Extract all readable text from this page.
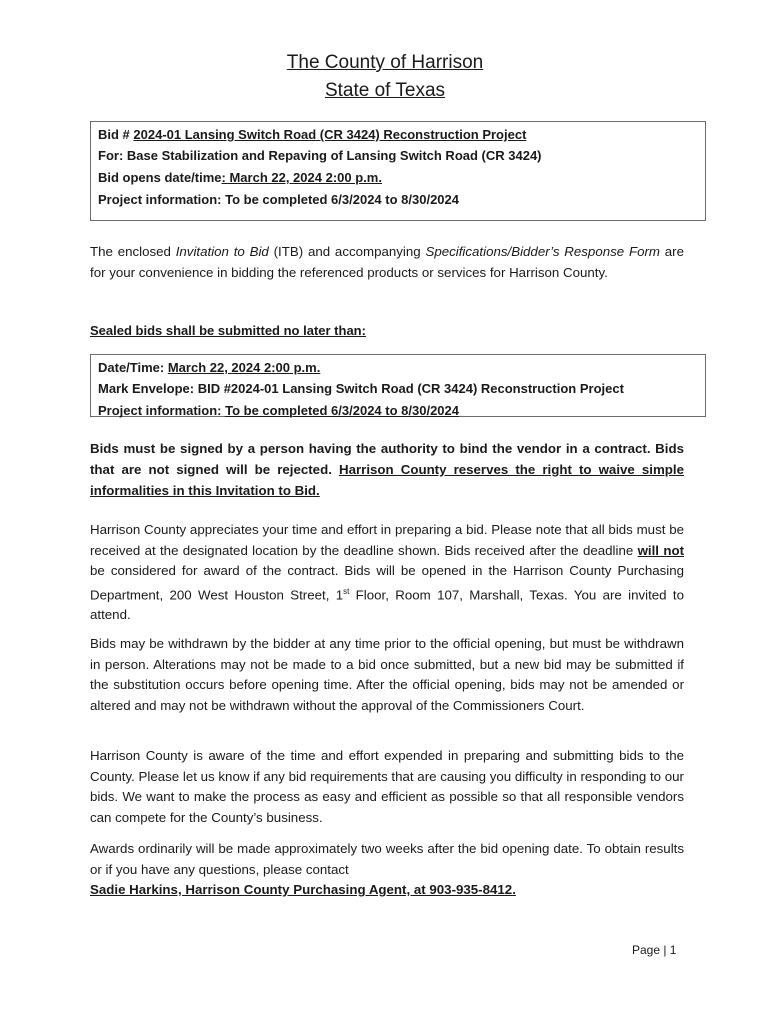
The County of Harrison
State of Texas
Bid # 2024-01 Lansing Switch Road (CR 3424) Reconstruction Project
For: Base Stabilization and Repaving of Lansing Switch Road (CR 3424)
Bid opens date/time: March 22, 2024 2:00 p.m.
Project information: To be completed 6/3/2024 to 8/30/2024
The enclosed Invitation to Bid (ITB) and accompanying Specifications/Bidder’s Response Form are for your convenience in bidding the referenced products or services for Harrison County.
Sealed bids shall be submitted no later than:
Date/Time: March 22, 2024 2:00 p.m.
Mark Envelope: BID #2024-01 Lansing Switch Road (CR 3424) Reconstruction Project
Project information: To be completed 6/3/2024 to 8/30/2024
Bids must be signed by a person having the authority to bind the vendor in a contract. Bids that are not signed will be rejected. Harrison County reserves the right to waive simple informalities in this Invitation to Bid.
Harrison County appreciates your time and effort in preparing a bid. Please note that all bids must be received at the designated location by the deadline shown. Bids received after the deadline will not be considered for award of the contract. Bids will be opened in the Harrison County Purchasing Department, 200 West Houston Street, 1st Floor, Room 107, Marshall, Texas. You are invited to attend.
Bids may be withdrawn by the bidder at any time prior to the official opening, but must be withdrawn in person. Alterations may not be made to a bid once submitted, but a new bid may be submitted if the substitution occurs before opening time. After the official opening, bids may not be amended or altered and may not be withdrawn without the approval of the Commissioners Court.
Harrison County is aware of the time and effort expended in preparing and submitting bids to the County. Please let us know if any bid requirements that are causing you difficulty in responding to our bids. We want to make the process as easy and efficient as possible so that all responsible vendors can compete for the County’s business.
Awards ordinarily will be made approximately two weeks after the bid opening date. To obtain results or if you have any questions, please contact
Sadie Harkins, Harrison County Purchasing Agent, at 903-935-8412.
Page | 1
